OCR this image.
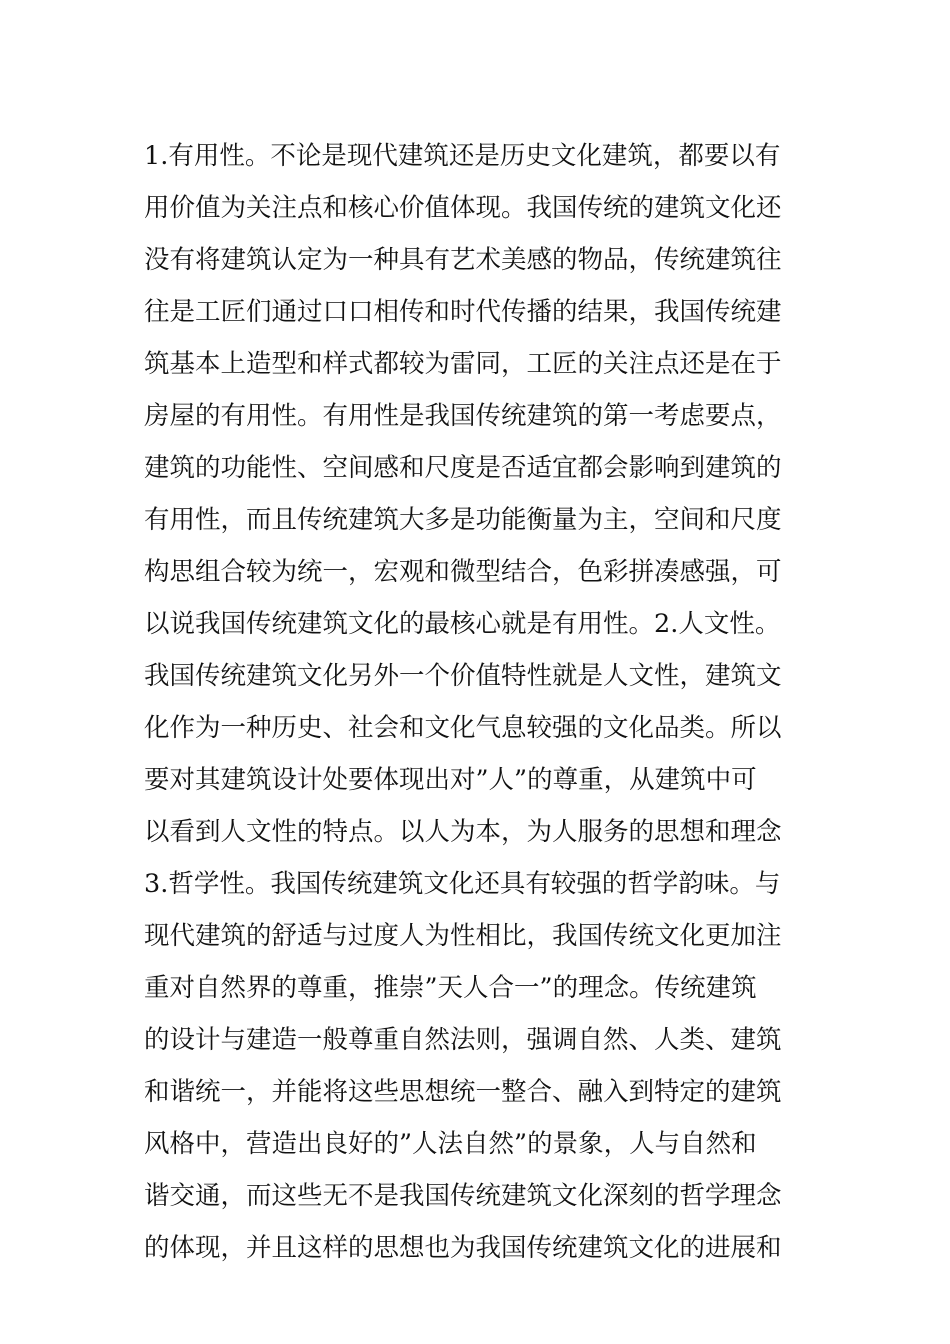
1.有用性。不论是现代建筑还是历史文化建筑，都要以有
用价值为关注点和核心价值体现。我国传统的建筑文化还
没有将建筑认定为一种具有艺术美感的物品，传统建筑往
往是工匠们通过口口相传和时代传播的结果，我国传统建
筑基本上造型和样式都较为雷同，工匠的关注点还是在于
房屋的有用性。有用性是我国传统建筑的第一考虑要点，
建筑的功能性、空间感和尺度是否适宜都会影响到建筑的
有用性，而且传统建筑大多是功能衡量为主，空间和尺度
构思组合较为统一，宏观和微型结合，色彩拼凑感强，可
以说我国传统建筑文化的最核心就是有用性。2.人文性。
我国传统建筑文化另外一个价值特性就是人文性，建筑文
化作为一种历史、社会和文化气息较强的文化品类。所以
要对其建筑设计处要体现出对”人”的尊重，从建筑中可
以看到人文性的特点。以人为本，为人服务的思想和理念
3.哲学性。我国传统建筑文化还具有较强的哲学韵味。与
现代建筑的舒适与过度人为性相比，我国传统文化更加注
重对自然界的尊重，推崇”天人合一”的理念。传统建筑
的设计与建造一般尊重自然法则，强调自然、人类、建筑
和谐统一，并能将这些思想统一整合、融入到特定的建筑
风格中，营造出良好的”人法自然”的景象，人与自然和
谐交通，而这些无不是我国传统建筑文化深刻的哲学理念
的体现，并且这样的思想也为我国传统建筑文化的进展和
